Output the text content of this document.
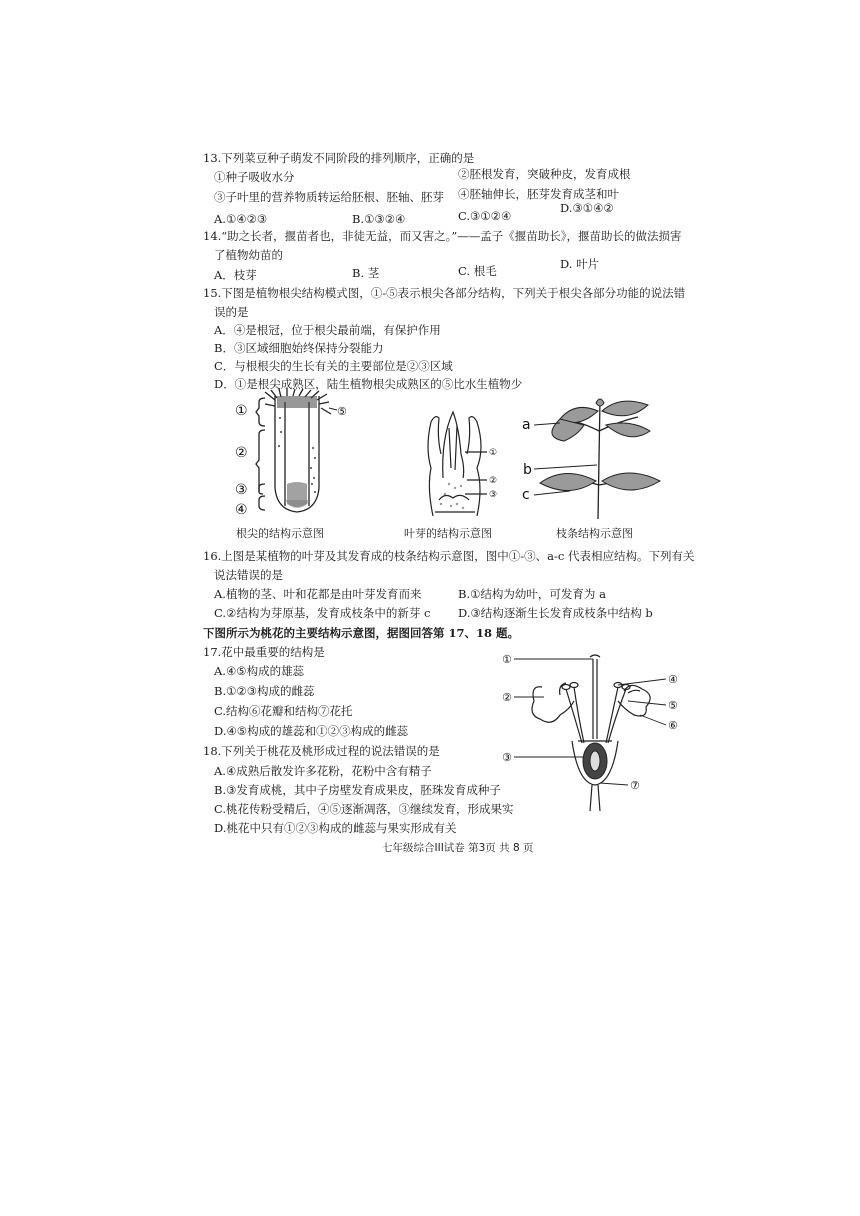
13.下列菜豆种子萌发不同阶段的排列顺序，正确的是
①种子吸收水分	②胚根发育，突破种皮，发育成根
③子叶里的营养物质转运给胚根、胚轴、胚芽 ④胚轴伸长，胚芽发育成茎和叶
A.①④②③	B.①③②④	C.③①②④
D.③①④②
14.“助之长者，揠苗者也，非徒无益，而又害之。”——孟子《揠苗助长》，揠苗助长的做法损害
了植物幼苗的
A．枝芽	B. 茎	C. 根毛	D. 叶片
15.下图是植物根尖结构模式图，①-⑤表示根尖各部分结构，下列关于根尖各部分功能的说法错
误的是
A．④是根冠，位于根尖最前端，有保护作用
B．③区域细胞始终保持分裂能力
C．与根根尖的生长有关的主要部位是②③区域
D．①是根尖成熟区，陆生植物根尖成熟区的⑤比水生植物少
①
②
③
④
⑤
根尖的结构示意图
①
②
③
叶芽的结构示意图
a
b
c
枝条结构示意图
16.上图是某植物的叶芽及其发育成的枝条结构示意图，图中①-③、a-c 代表相应结构。下列有关
说法错误的是
A.植物的茎、叶和花都是由叶芽发育而来	B.①结构为幼叶，可发育为 a
C.②结构为芽原基，发育成枝条中的新芽 c D.③结构逐渐生长发育成枝条中结构 b
下图所示为桃花的主要结构示意图，据图回答第 17、18 题。
17.花中最重要的结构是
A.④⑤构成的雄蕊
B.①②③构成的雌蕊
C.结构⑥花瓣和结构⑦花托
D.④⑤构成的雄蕊和①②③构成的雌蕊
18.下列关于桃花及桃形成过程的说法错误的是
A.④成熟后散发许多花粉，花粉中含有精子
B.③发育成桃，其中子房壁发育成果皮，胚珠发育成种子
C.桃花传粉受精后，④⑤逐渐凋落，③继续发育，形成果实
D.桃花中只有①②③构成的雌蕊与果实形成有关
①
②
③
④
⑤
⑥
⑦
七年级综合III试卷 第3页 共 8 页
